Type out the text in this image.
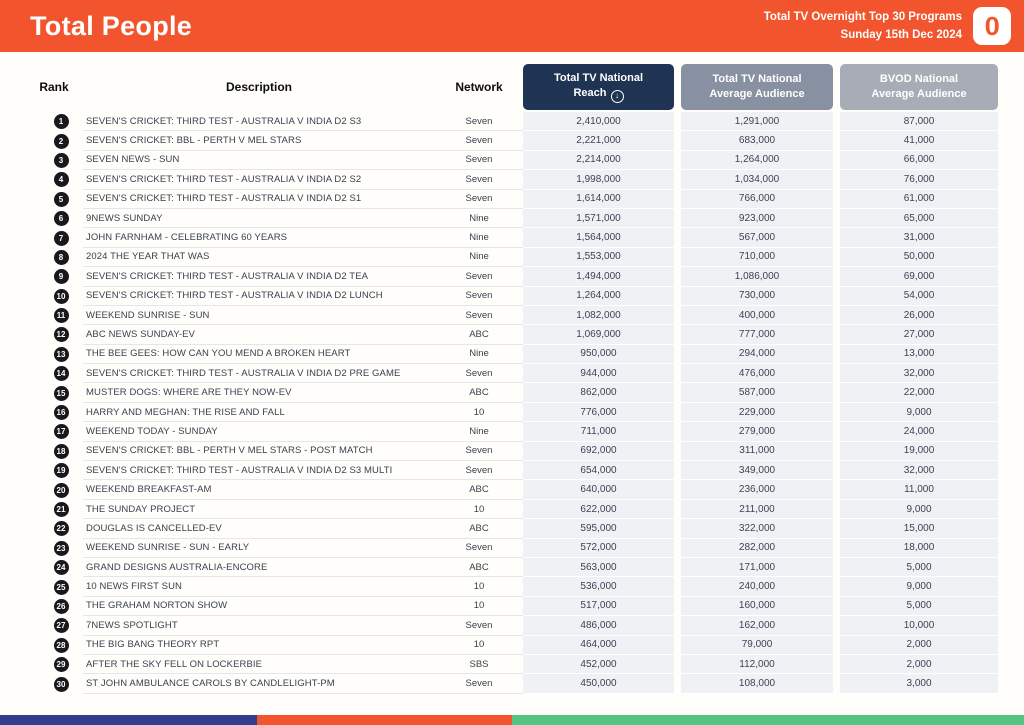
Total People	Total TV Overnight Top 30 Programs
Sunday 15th Dec 2024 0
Rank	Description	Network
Total TV National
Reach ↓
Total TV National
Average Audience
BVOD National
Average Audience
1	SEVEN'S CRICKET: THIRD TEST - AUSTRALIA V INDIA D2 S3	Seven	2,410,000	1,291,000	87,000
2	SEVEN'S CRICKET: BBL - PERTH V MEL STARS	Seven	2,221,000	683,000	41,000
3	SEVEN NEWS - SUN	Seven	2,214,000	1,264,000	66,000
4	SEVEN'S CRICKET: THIRD TEST - AUSTRALIA V INDIA D2 S2	Seven	1,998,000	1,034,000	76,000
5	SEVEN'S CRICKET: THIRD TEST - AUSTRALIA V INDIA D2 S1	Seven	1,614,000	766,000	61,000
6	9NEWS SUNDAY	Nine	1,571,000	923,000	65,000
7	JOHN FARNHAM - CELEBRATING 60 YEARS	Nine	1,564,000	567,000	31,000
8	2024 THE YEAR THAT WAS	Nine	1,553,000	710,000	50,000
9	SEVEN'S CRICKET: THIRD TEST - AUSTRALIA V INDIA D2 TEA	Seven	1,494,000	1,086,000	69,000
10	SEVEN'S CRICKET: THIRD TEST - AUSTRALIA V INDIA D2 LUNCH	Seven	1,264,000	730,000	54,000
11	WEEKEND SUNRISE - SUN	Seven	1,082,000	400,000	26,000
12	ABC NEWS SUNDAY-EV	ABC	1,069,000	777,000	27,000
13	THE BEE GEES: HOW CAN YOU MEND A BROKEN HEART	Nine	950,000	294,000	13,000
14	SEVEN'S CRICKET: THIRD TEST - AUSTRALIA V INDIA D2 PRE GAME	Seven	944,000	476,000	32,000
15	MUSTER DOGS: WHERE ARE THEY NOW-EV	ABC	862,000	587,000	22,000
16	HARRY AND MEGHAN: THE RISE AND FALL	10	776,000	229,000	9,000
17	WEEKEND TODAY - SUNDAY	Nine	711,000	279,000	24,000
18	SEVEN'S CRICKET: BBL - PERTH V MEL STARS - POST MATCH	Seven	692,000	311,000	19,000
19	SEVEN'S CRICKET: THIRD TEST - AUSTRALIA V INDIA D2 S3 MULTI	Seven	654,000	349,000	32,000
20	WEEKEND BREAKFAST-AM	ABC	640,000	236,000	11,000
21	THE SUNDAY PROJECT	10	622,000	211,000	9,000
22	DOUGLAS IS CANCELLED-EV	ABC	595,000	322,000	15,000
23	WEEKEND SUNRISE - SUN - EARLY	Seven	572,000	282,000	18,000
24	GRAND DESIGNS AUSTRALIA-ENCORE	ABC	563,000	171,000	5,000
25	10 NEWS FIRST SUN	10	536,000	240,000	9,000
26	THE GRAHAM NORTON SHOW	10	517,000	160,000	5,000
27	7NEWS SPOTLIGHT	Seven	486,000	162,000	10,000
28	THE BIG BANG THEORY RPT	10	464,000	79,000	2,000
29	AFTER THE SKY FELL ON LOCKERBIE	SBS	452,000	112,000	2,000
30	ST JOHN AMBULANCE CAROLS BY CANDLELIGHT-PM	Seven	450,000	108,000	3,000
